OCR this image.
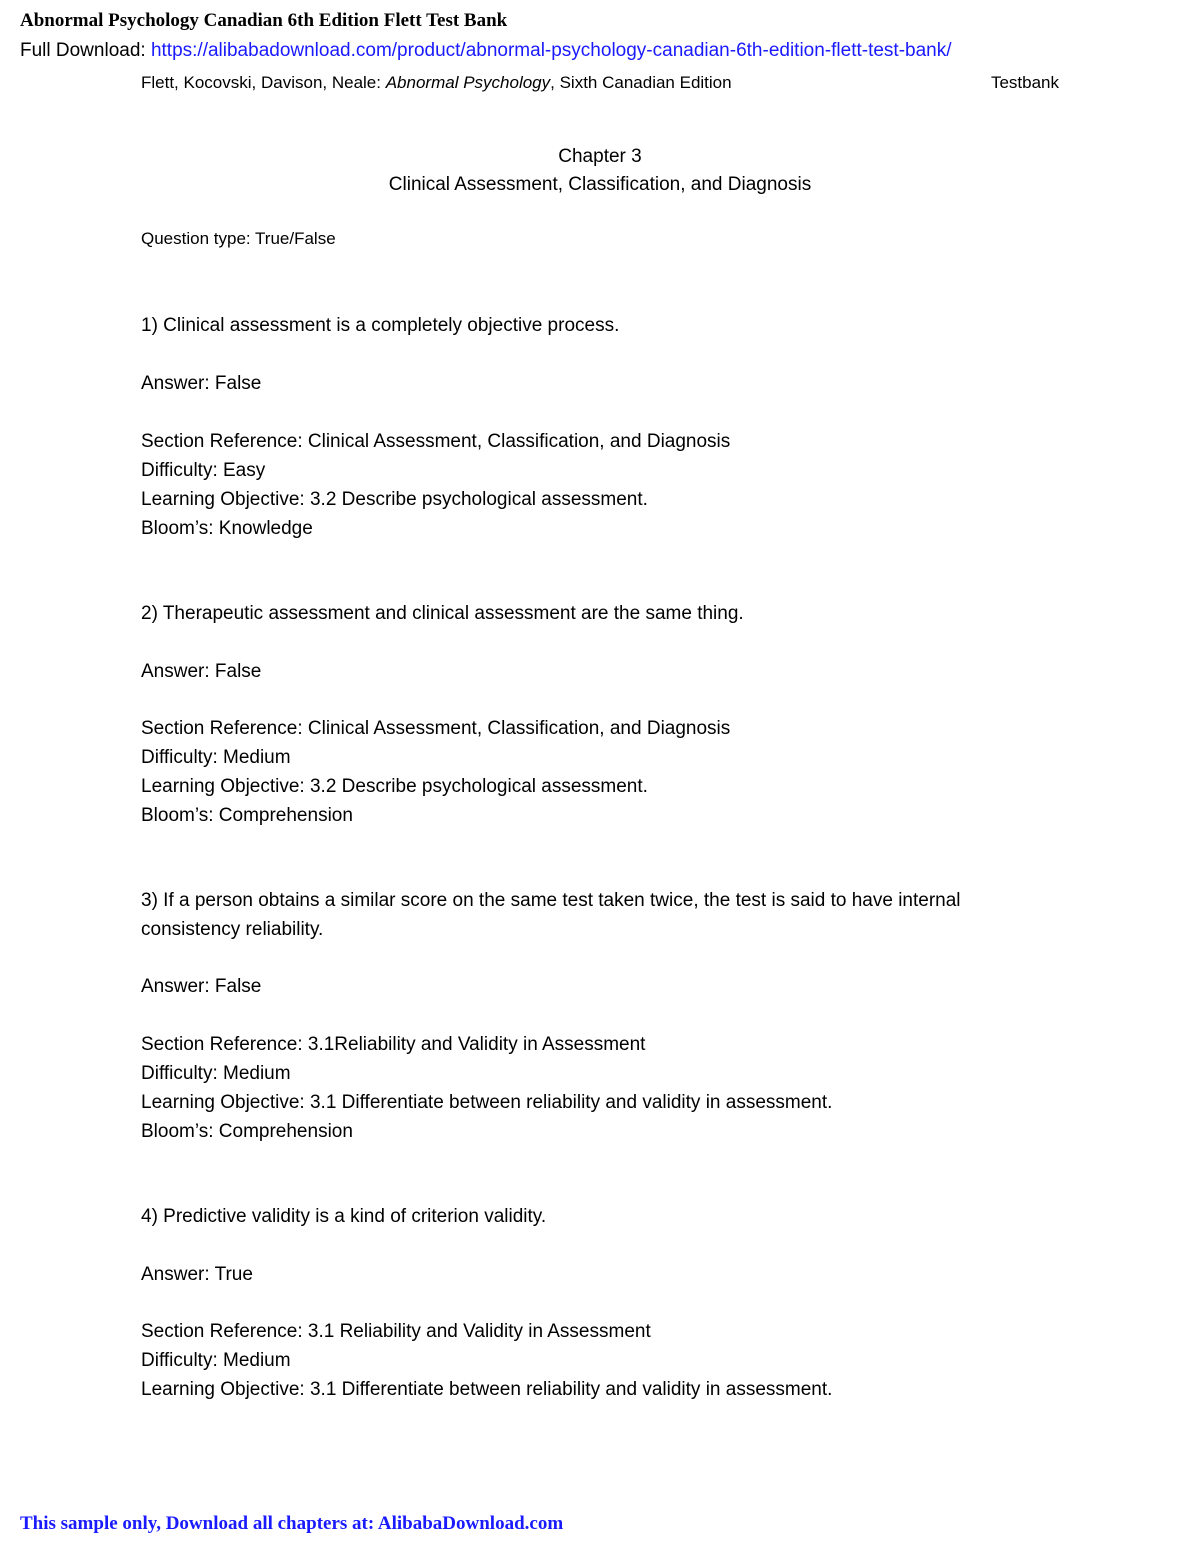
Abnormal Psychology Canadian 6th Edition Flett Test Bank
Full Download: https://alibabadownload.com/product/abnormal-psychology-canadian-6th-edition-flett-test-bank/
Flett, Kocovski, Davison, Neale: Abnormal Psychology, Sixth Canadian Edition	Testbank
Chapter 3
Clinical Assessment, Classification, and Diagnosis
Question type: True/False
1) Clinical assessment is a completely objective process.
Answer: False
Section Reference: Clinical Assessment, Classification, and Diagnosis
Difficulty: Easy
Learning Objective: 3.2 Describe psychological assessment.
Bloom’s: Knowledge
2) Therapeutic assessment and clinical assessment are the same thing.
Answer: False
Section Reference: Clinical Assessment, Classification, and Diagnosis
Difficulty: Medium
Learning Objective: 3.2 Describe psychological assessment.
Bloom’s: Comprehension
3) If a person obtains a similar score on the same test taken twice, the test is said to have internal consistency reliability.
Answer: False
Section Reference: 3.1Reliability and Validity in Assessment
Difficulty: Medium
Learning Objective: 3.1 Differentiate between reliability and validity in assessment.
Bloom’s: Comprehension
4) Predictive validity is a kind of criterion validity.
Answer: True
Section Reference: 3.1 Reliability and Validity in Assessment
Difficulty: Medium
Learning Objective: 3.1 Differentiate between reliability and validity in assessment.
This sample only, Download all chapters at: AlibabaDownload.com
